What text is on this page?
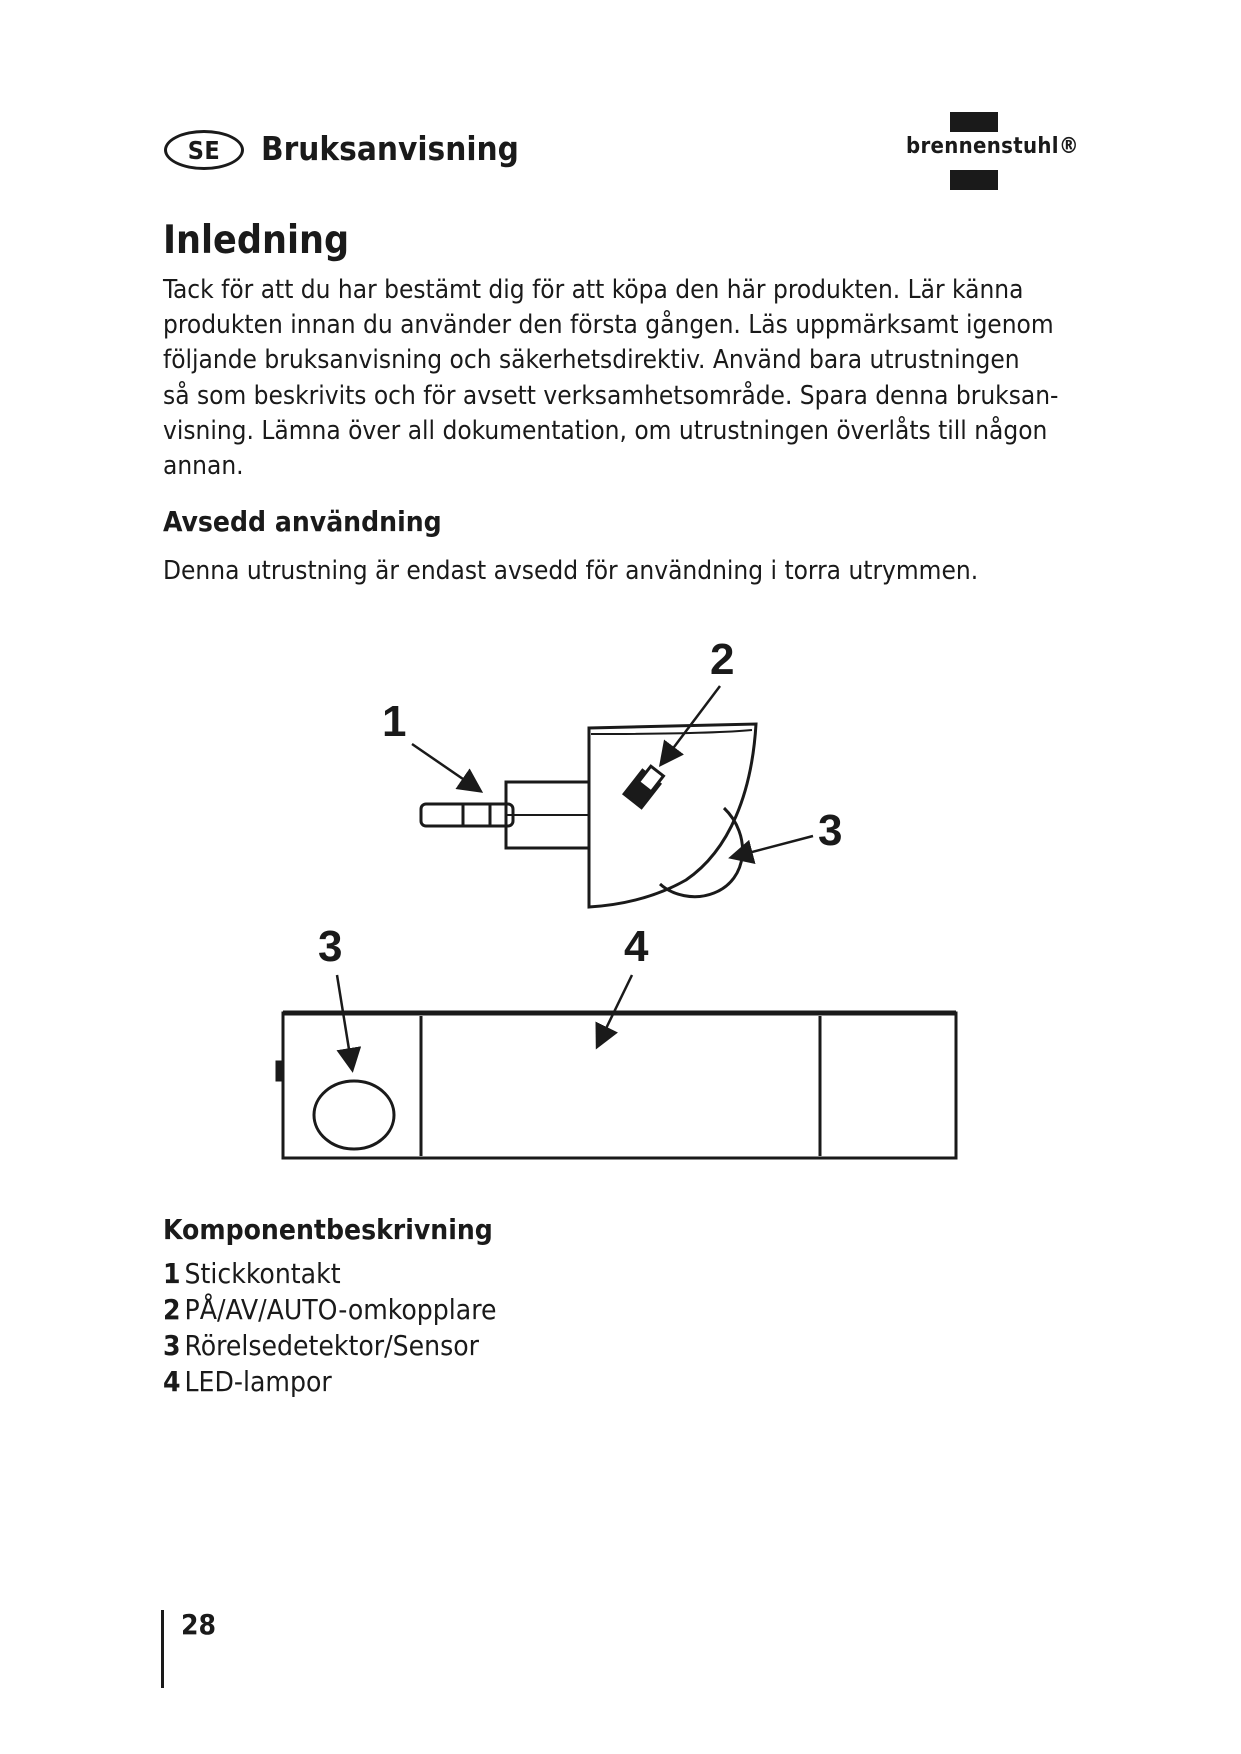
SE Bruksanvisning	brennenstuhl®
Inledning
Tack för att du har bestämt dig för att köpa den här produkten. Lär känna
produkten innan du använder den första gången. Läs uppmärksamt igenom
följande bruksanvisning och säkerhetsdirektiv. Använd bara utrustningen
så som beskrivits och för avsett verksamhetsområde. Spara denna bruksan-
visning. Lämna över all dokumentation, om utrustningen överlåts till någon
annan.
Avsedd användning
Denna utrustning är endast avsedd för användning i torra utrymmen.
1
2
3
3	4
Komponentbeskrivning
1 Stickkontakt
2 PÅ/AV/AUTO-omkopplare
3 Rörelsedetektor/Sensor
4 LED-lampor
28
